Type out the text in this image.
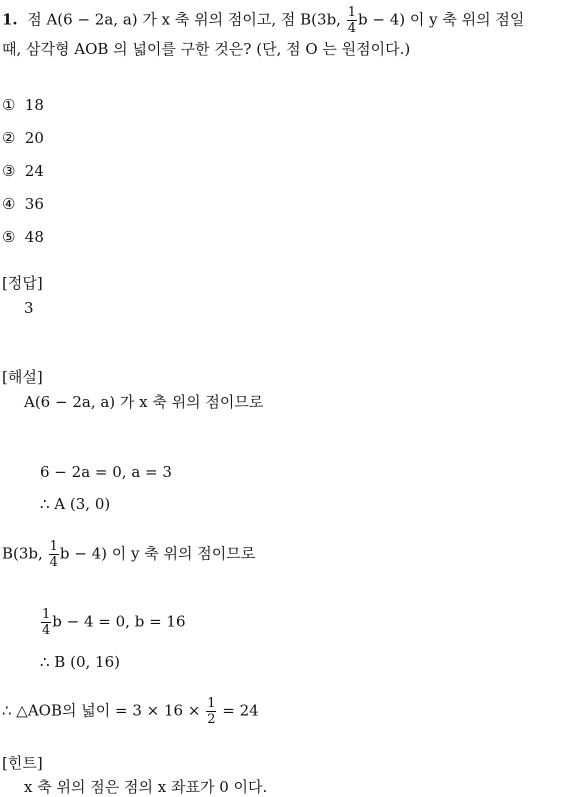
1. 점 A(6 − 2a, a) 가 x 축 위의 점이고, 점 B(3b, $\frac{1}{4}$ b − 4) 이 y 축 위의 점일
때, 삼각형 AOB 의 넓이를 구한 것은? (단, 점 O 는 원점이다.)
① 18
② 20
③ 24
④ 36
⑤ 48
[정답]
3
[해설]
A(6 − 2a, a) 가 x 축 위의 점이므로
6 − 2a = 0, a = 3
∴ A (3, 0)
B(3b, $\frac{1}{4}$ b − 4) 이 y 축 위의 점이므로
$\frac{1}{4}$ b − 4 = 0, b = 16
∴ B (0, 16)
∴ △AOB의 넓이 = $3 \times 16 \times \frac{1}{2} = 24$
[힌트]
x 축 위의 점은 점의 x 좌표가 0 이다.
